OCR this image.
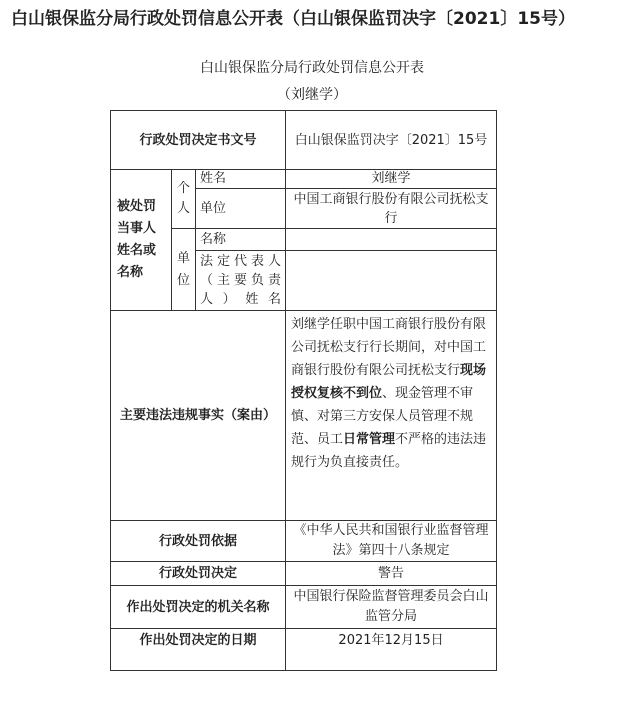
白山银保监分局行政处罚信息公开表（白山银保监罚决字〔2021〕15号）
白山银保监分局行政处罚信息公开表
（刘继学）
行政处罚决定书文号			白山银保监罚决字〔2021〕15号
被处罚当事人姓名或名称	个人	姓名	刘继学
		单位	中国工商银行股份有限公司抚松支行
	单位	名称	
		法定代表人（主要负责人）姓名	
主要违法违规事实（案由）			刘继学任职中国工商银行股份有限公司抚松支行行长期间，对中国工商银行股份有限公司抚松支行现场授权复核不到位、现金管理不审慎、对第三方安保人员管理不规范、员工日常管理不严格的违法违规行为负直接责任。
行政处罚依据			《中华人民共和国银行业监督管理法》第四十八条规定
行政处罚决定			警告
作出处罚决定的机关名称			中国银行保险监督管理委员会白山监管分局
作出处罚决定的日期			2021年12月15日
